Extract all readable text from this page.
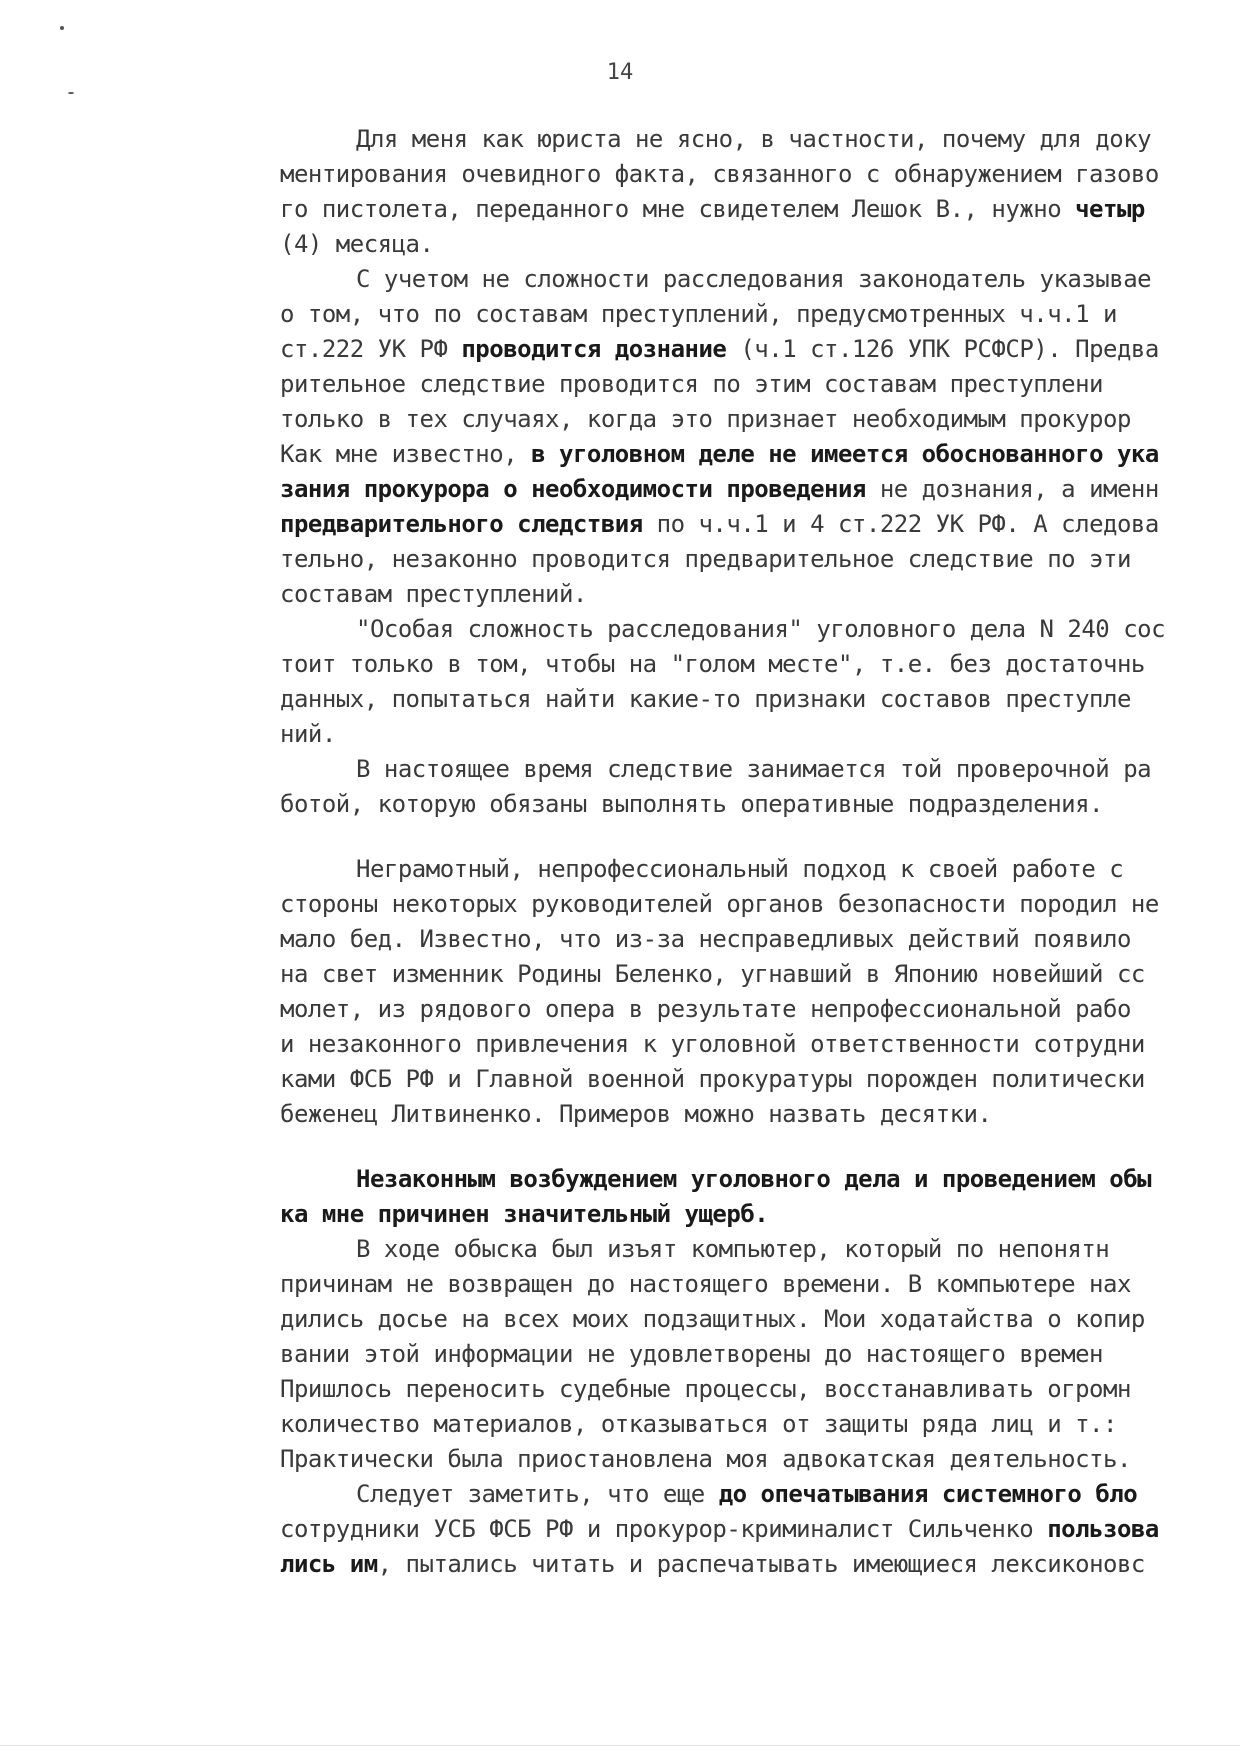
14
Для меня как юриста не ясно, в частности, почему для доку
ментирования очевидного факта, связанного с обнаружением газово
го пистолета, переданного мне свидетелем Лешок В., нужно четыр
(4) месяца.
С учетом не сложности расследования законодатель указывае
о том, что по составам преступлений, предусмотренных ч.ч.1 и
ст.222 УК РФ проводится дознание (ч.1 ст.126 УПК РСФСР). Предва
рительное следствие проводится по этим составам преступлени
только в тех случаях, когда это признает необходимым прокурор
Как мне известно, в уголовном деле не имеется обоснованного ука
зания прокурора о необходимости проведения не дознания, а именн
предварительного следствия по ч.ч.1 и 4 ст.222 УК РФ. А следова
тельно, незаконно проводится предварительное следствие по эти
составам преступлений.
"Особая сложность расследования" уголовного дела N 240 сос
тоит только в том, чтобы на "голом месте", т.е. без достаточнь
данных, попытаться найти какие-то признаки составов преступле
ний.
В настоящее время следствие занимается той проверочной ра
ботой, которую обязаны выполнять оперативные подразделения.
Неграмотный, непрофессиональный подход к своей работе с
стороны некоторых руководителей органов безопасности породил не
мало бед. Известно, что из-за несправедливых действий появило
на свет изменник Родины Беленко, угнавший в Японию новейший сс
молет, из рядового опера в результате непрофессиональной рабо
и незаконного привлечения к уголовной ответственности сотрудни
ками ФСБ РФ и Главной военной прокуратуры порожден политически
беженец Литвиненко. Примеров можно назвать десятки.
Незаконным возбуждением уголовного дела и проведением обы
ка мне причинен значительный ущерб.
В ходе обыска был изъят компьютер, который по непонятн
причинам не возвращен до настоящего времени. В компьютере нах
дились досье на всех моих подзащитных. Мои ходатайства о копир
вании этой информации не удовлетворены до настоящего времен
Пришлось переносить судебные процессы, восстанавливать огромн
количество материалов, отказываться от защиты ряда лиц и т.:
Практически была приостановлена моя адвокатская деятельность.
Следует заметить, что еще до опечатывания системного бло
сотрудники УСБ ФСБ РФ и прокурор-криминалист Сильченко пользова
лись им, пытались читать и распечатывать имеющиеся лексиконовс
